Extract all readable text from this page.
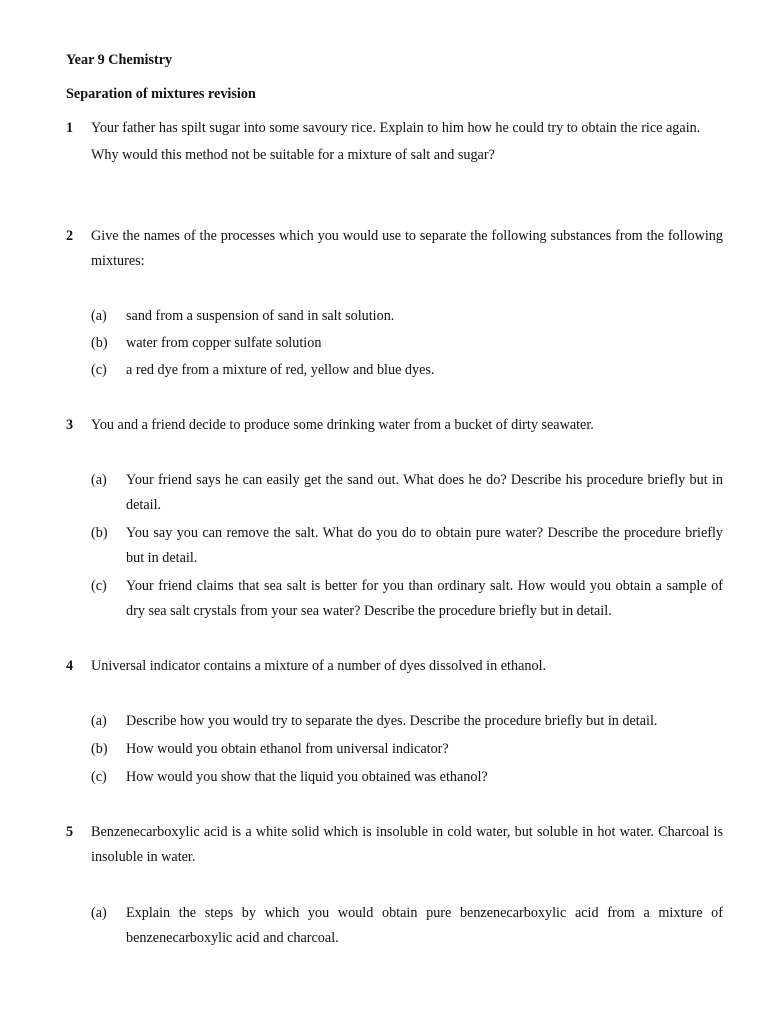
Year 9 Chemistry
Separation of mixtures revision
1 Your father has spilt sugar into some savoury rice. Explain to him how he could try to obtain the rice again.
Why would this method not be suitable for a mixture of salt and sugar?
2 Give the names of the processes which you would use to separate the following substances from the following mixtures:
(a) sand from a suspension of sand in salt solution.
(b) water from copper sulfate solution
(c) a red dye from a mixture of red, yellow and blue dyes.
3 You and a friend decide to produce some drinking water from a bucket of dirty seawater.
(a) Your friend says he can easily get the sand out. What does he do? Describe his procedure briefly but in detail.
(b) You say you can remove the salt. What do you do to obtain pure water? Describe the procedure briefly but in detail.
(c) Your friend claims that sea salt is better for you than ordinary salt. How would you obtain a sample of dry sea salt crystals from your sea water? Describe the procedure briefly but in detail.
4 Universal indicator contains a mixture of a number of dyes dissolved in ethanol.
(a) Describe how you would try to separate the dyes. Describe the procedure briefly but in detail.
(b) How would you obtain ethanol from universal indicator?
(c) How would you show that the liquid you obtained was ethanol?
5 Benzenecarboxylic acid is a white solid which is insoluble in cold water, but soluble in hot water. Charcoal is insoluble in water.
(a) Explain the steps by which you would obtain pure benzenecarboxylic acid from a mixture of benzenecarboxylic acid and charcoal.
